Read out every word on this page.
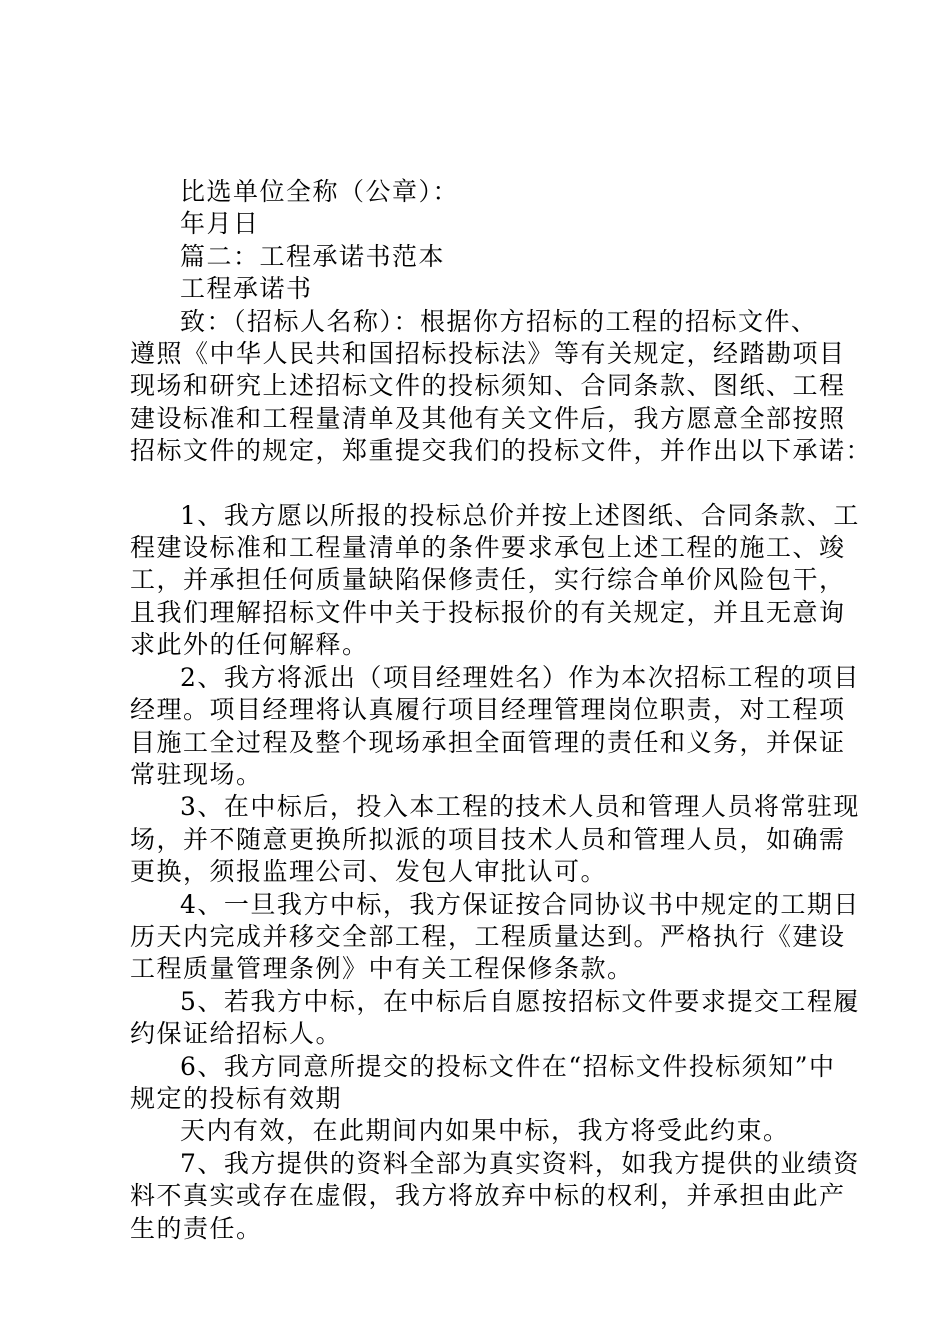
比选单位全称（公章）：
年月日
篇二：工程承诺书范本
工程承诺书
致：（招标人名称）：根据你方招标的工程的招标文件、
遵照《中华人民共和国招标投标法》等有关规定，经踏勘项目
现场和研究上述招标文件的投标须知、合同条款、图纸、工程
建设标准和工程量清单及其他有关文件后，我方愿意全部按照
招标文件的规定，郑重提交我们的投标文件，并作出以下承诺：
1、我方愿以所报的投标总价并按上述图纸、合同条款、工
程建设标准和工程量清单的条件要求承包上述工程的施工、竣
工，并承担任何质量缺陷保修责任，实行综合单价风险包干，
且我们理解招标文件中关于投标报价的有关规定，并且无意询
求此外的任何解释。
2、我方将派出（项目经理姓名）作为本次招标工程的项目
经理。项目经理将认真履行项目经理管理岗位职责，对工程项
目施工全过程及整个现场承担全面管理的责任和义务，并保证
常驻现场。
3、在中标后，投入本工程的技术人员和管理人员将常驻现
场，并不随意更换所拟派的项目技术人员和管理人员，如确需
更换，须报监理公司、发包人审批认可。
4、一旦我方中标，我方保证按合同协议书中规定的工期日
历天内完成并移交全部工程，工程质量达到。严格执行《建设
工程质量管理条例》中有关工程保修条款。
5、若我方中标，在中标后自愿按招标文件要求提交工程履
约保证给招标人。
6、我方同意所提交的投标文件在“招标文件投标须知”中
规定的投标有效期
天内有效，在此期间内如果中标，我方将受此约束。
7、我方提供的资料全部为真实资料，如我方提供的业绩资
料不真实或存在虚假，我方将放弃中标的权利，并承担由此产
生的责任。
